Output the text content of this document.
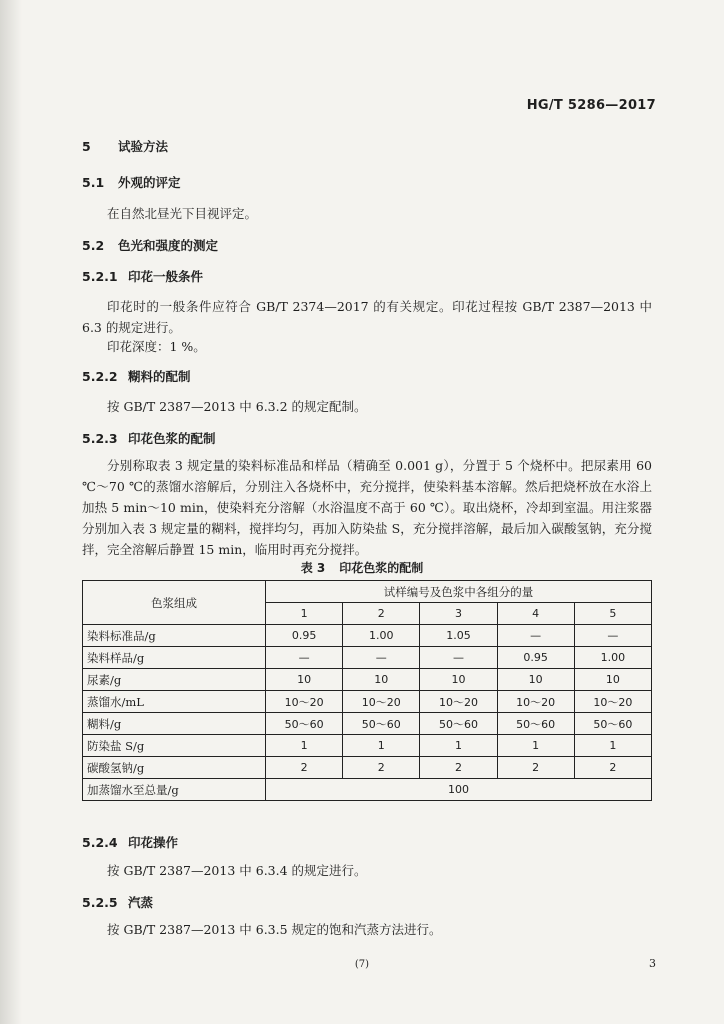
HG/T 5286—2017
5 试验方法
5.1 外观的评定
在自然北昼光下目视评定。
5.2 色光和强度的测定
5.2.1 印花一般条件
印花时的一般条件应符合 GB/T 2374—2017 的有关规定。印花过程按 GB/T 2387—2013 中 6.3 的规定进行。
印花深度：1 %。
5.2.2 糊料的配制
按 GB/T 2387—2013 中 6.3.2 的规定配制。
5.2.3 印花色浆的配制
分别称取表 3 规定量的染料标准品和样品（精确至 0.001 g），分置于 5 个烧杯中。把尿素用 60 ℃～70 ℃的蒸馏水溶解后，分别注入各烧杯中，充分搅拌，使染料基本溶解。然后把烧杯放在水浴上加热 5 min～10 min，使染料充分溶解（水浴温度不高于 60 ℃）。取出烧杯，冷却到室温。用注浆器分别加入表 3 规定量的糊料，搅拌均匀，再加入防染盐 S，充分搅拌溶解，最后加入碳酸氢钠，充分搅拌，完全溶解后静置 15 min，临用时再充分搅拌。
表 3 印花色浆的配制
色浆组成	试样编号及色浆中各组分的量				
	1	2	3	4	5
染料标准品/g	0.95	1.00	1.05	—	—
染料样品/g	—	—	—	0.95	1.00
尿素/g	10	10	10	10	10
蒸馏水/mL	10～20	10～20	10～20	10～20	10～20
糊料/g	50～60	50～60	50～60	50～60	50～60
防染盐 S/g	1	1	1	1	1
碳酸氢钠/g	2	2	2	2	2
加蒸馏水至总量/g	100				
5.2.4 印花操作
按 GB/T 2387—2013 中 6.3.4 的规定进行。
5.2.5 汽蒸
按 GB/T 2387—2013 中 6.3.5 规定的饱和汽蒸方法进行。
(7)	3
